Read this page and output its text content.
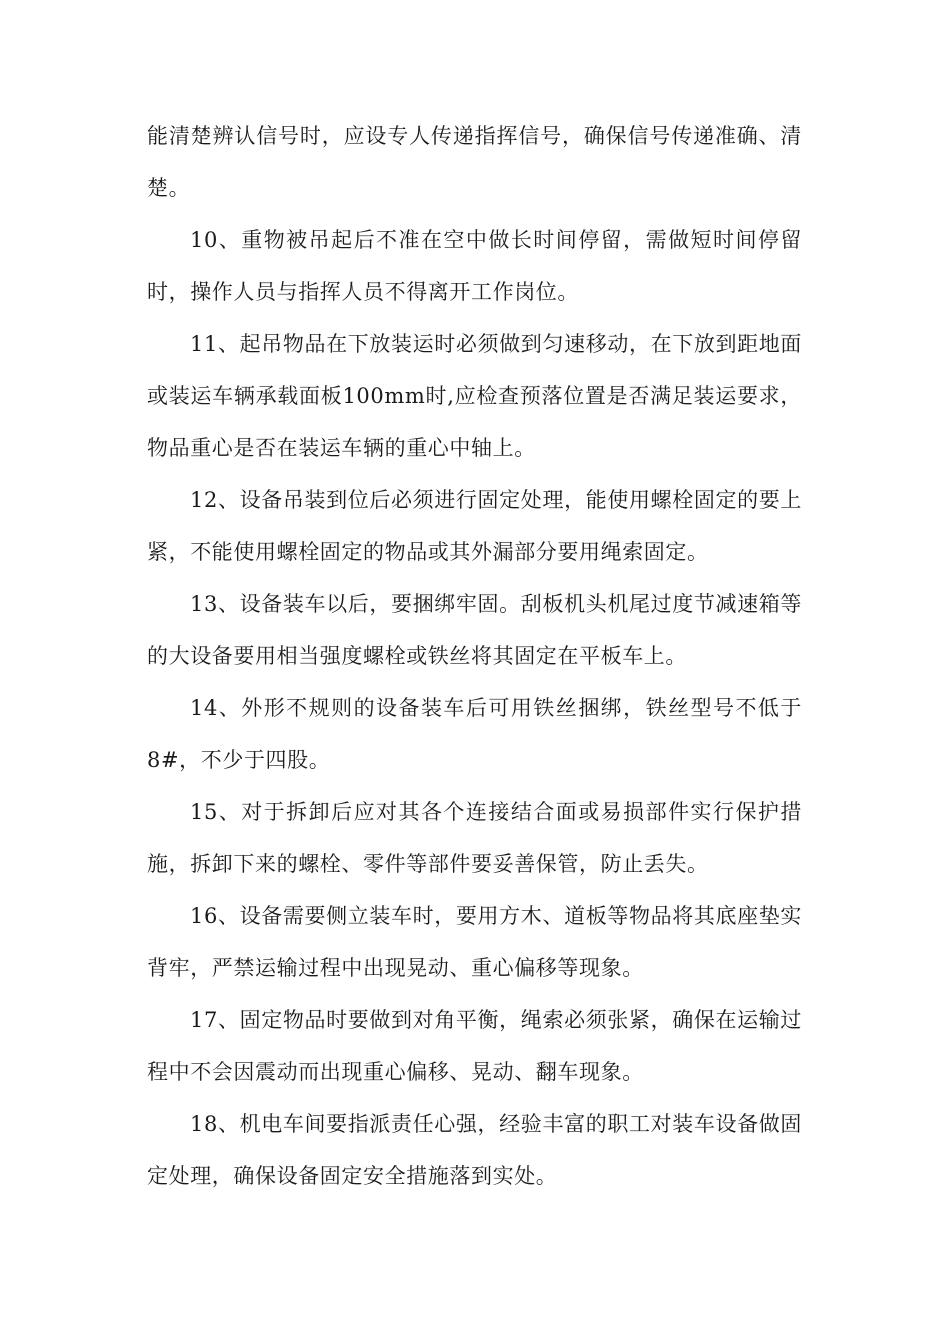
能清楚辨认信号时，应设专人传递指挥信号，确保信号传递准确、清楚。

10、重物被吊起后不准在空中做长时间停留，需做短时间停留时，操作人员与指挥人员不得离开工作岗位。

11、起吊物品在下放装运时必须做到匀速移动，在下放到距地面或装运车辆承载面板100mm时,应检查预落位置是否满足装运要求，物品重心是否在装运车辆的重心中轴上。

12、设备吊装到位后必须进行固定处理，能使用螺栓固定的要上紧，不能使用螺栓固定的物品或其外漏部分要用绳索固定。

13、设备装车以后，要捆绑牢固。刮板机头机尾过度节减速箱等的大设备要用相当强度螺栓或铁丝将其固定在平板车上。

14、外形不规则的设备装车后可用铁丝捆绑，铁丝型号不低于8#，不少于四股。

15、对于拆卸后应对其各个连接结合面或易损部件实行保护措施，拆卸下来的螺栓、零件等部件要妥善保管，防止丢失。

16、设备需要侧立装车时，要用方木、道板等物品将其底座垫实背牢，严禁运输过程中出现晃动、重心偏移等现象。

17、固定物品时要做到对角平衡，绳索必须张紧，确保在运输过程中不会因震动而出现重心偏移、晃动、翻车现象。

18、机电车间要指派责任心强，经验丰富的职工对装车设备做固定处理，确保设备固定安全措施落到实处。
